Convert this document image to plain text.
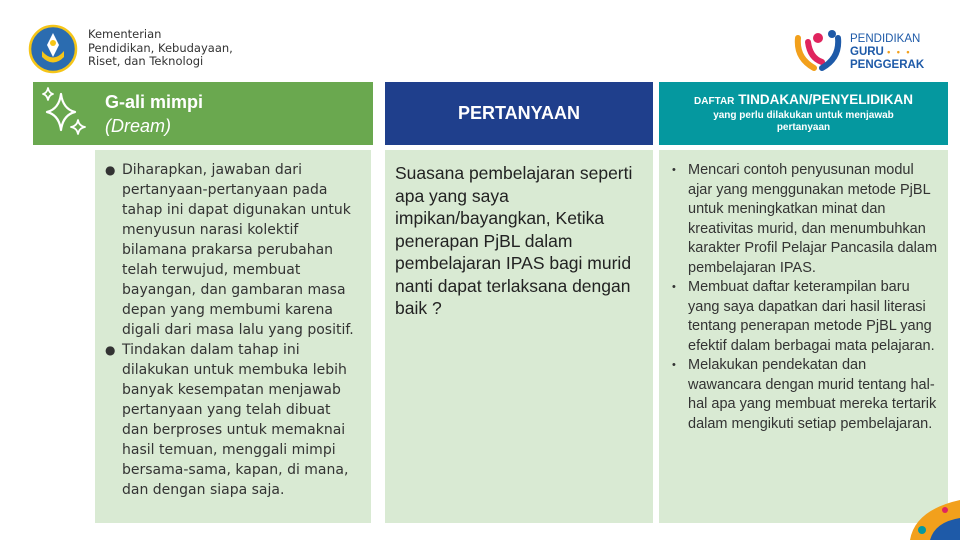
Kementerian
Pendidikan, Kebudayaan,
Riset, dan Teknologi
PENDIDIKAN
GURU • • •
PENGGERAK
G-ali mimpi
(Dream)
PERTANYAAN
DAFTAR TINDAKAN/PENYELIDIKAN
yang perlu dilakukan untuk menjawab pertanyaan
● Diharapkan, jawaban dari pertanyaan-pertanyaan pada tahap ini dapat digunakan untuk menyusun narasi kolektif bilamana prakarsa perubahan telah terwujud, membuat bayangan, dan gambaran masa depan yang membumi karena digali dari masa lalu yang positif.
● Tindakan dalam tahap ini dilakukan untuk membuka lebih banyak kesempatan menjawab pertanyaan yang telah dibuat dan berproses untuk memaknai hasil temuan, menggali mimpi bersama-sama, kapan, di mana, dan dengan siapa saja.
Suasana pembelajaran seperti apa yang saya impikan/bayangkan, Ketika penerapan PjBL dalam pembelajaran IPAS bagi murid nanti dapat terlaksana dengan baik ?
• Mencari contoh penyusunan modul ajar yang menggunakan metode PjBL untuk meningkatkan minat dan kreativitas murid, dan menumbuhkan karakter Profil Pelajar Pancasila dalam pembelajaran IPAS.
• Membuat daftar keterampilan baru yang saya dapatkan dari hasil literasi tentang penerapan metode PjBL yang efektif dalam berbagai mata pelajaran.
• Melakukan pendekatan dan wawancara dengan murid tentang hal-hal apa yang membuat mereka tertarik dalam mengikuti setiap pembelajaran.
